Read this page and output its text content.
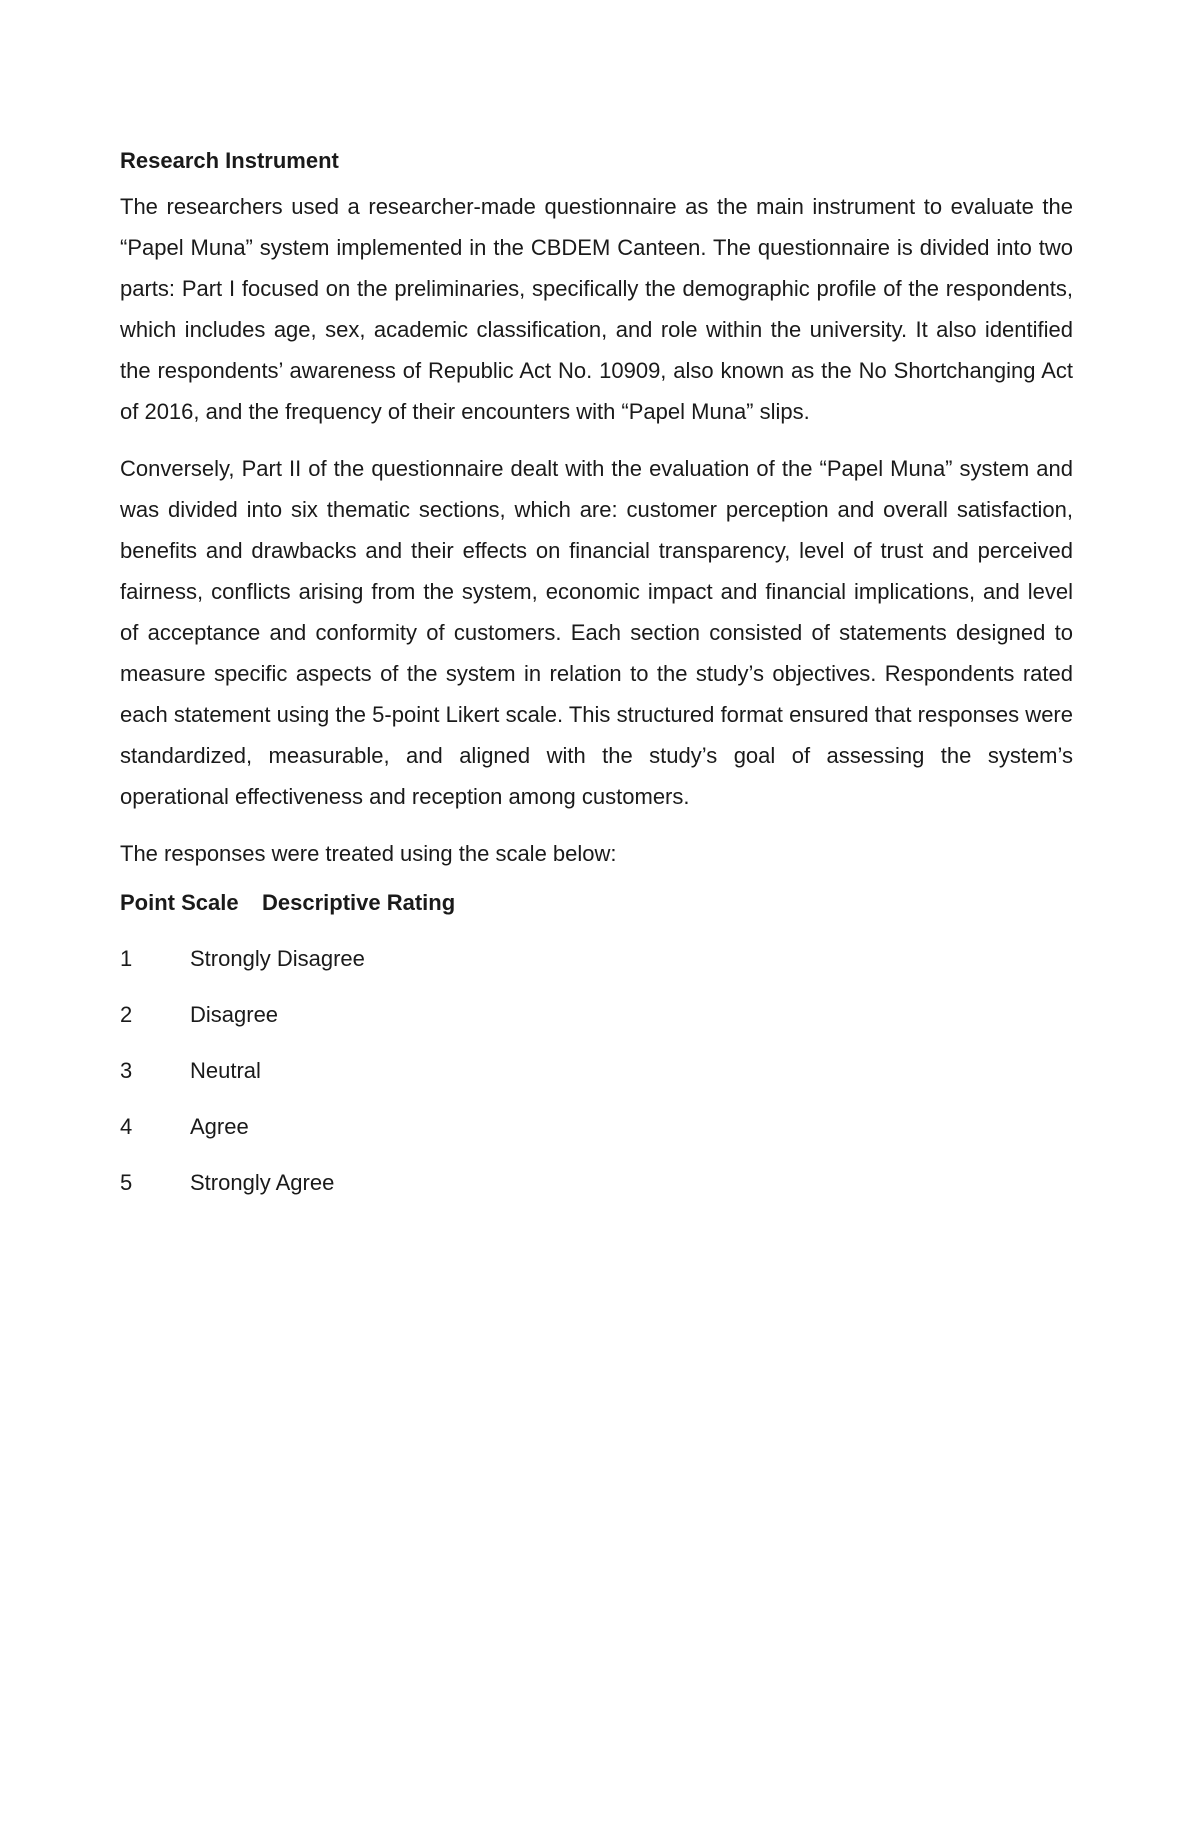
Research Instrument

The researchers used a researcher-made questionnaire as the main instrument to evaluate the “Papel Muna” system implemented in the CBDEM Canteen. The questionnaire is divided into two parts: Part I focused on the preliminaries, specifically the demographic profile of the respondents, which includes age, sex, academic classification, and role within the university. It also identified the respondents’ awareness of Republic Act No. 10909, also known as the No Shortchanging Act of 2016, and the frequency of their encounters with “Papel Muna” slips.

Conversely, Part II of the questionnaire dealt with the evaluation of the “Papel Muna” system and was divided into six thematic sections, which are: customer perception and overall satisfaction, benefits and drawbacks and their effects on financial transparency, level of trust and perceived fairness, conflicts arising from the system, economic impact and financial implications, and level of acceptance and conformity of customers. Each section consisted of statements designed to measure specific aspects of the system in relation to the study’s objectives. Respondents rated each statement using the 5-point Likert scale. This structured format ensured that responses were standardized, measurable, and aligned with the study’s goal of assessing the system’s operational effectiveness and reception among customers.

The responses were treated using the scale below:

Point Scale Descriptive Rating
1	Strongly Disagree
2	Disagree
3	Neutral
4	Agree
5	Strongly Agree
